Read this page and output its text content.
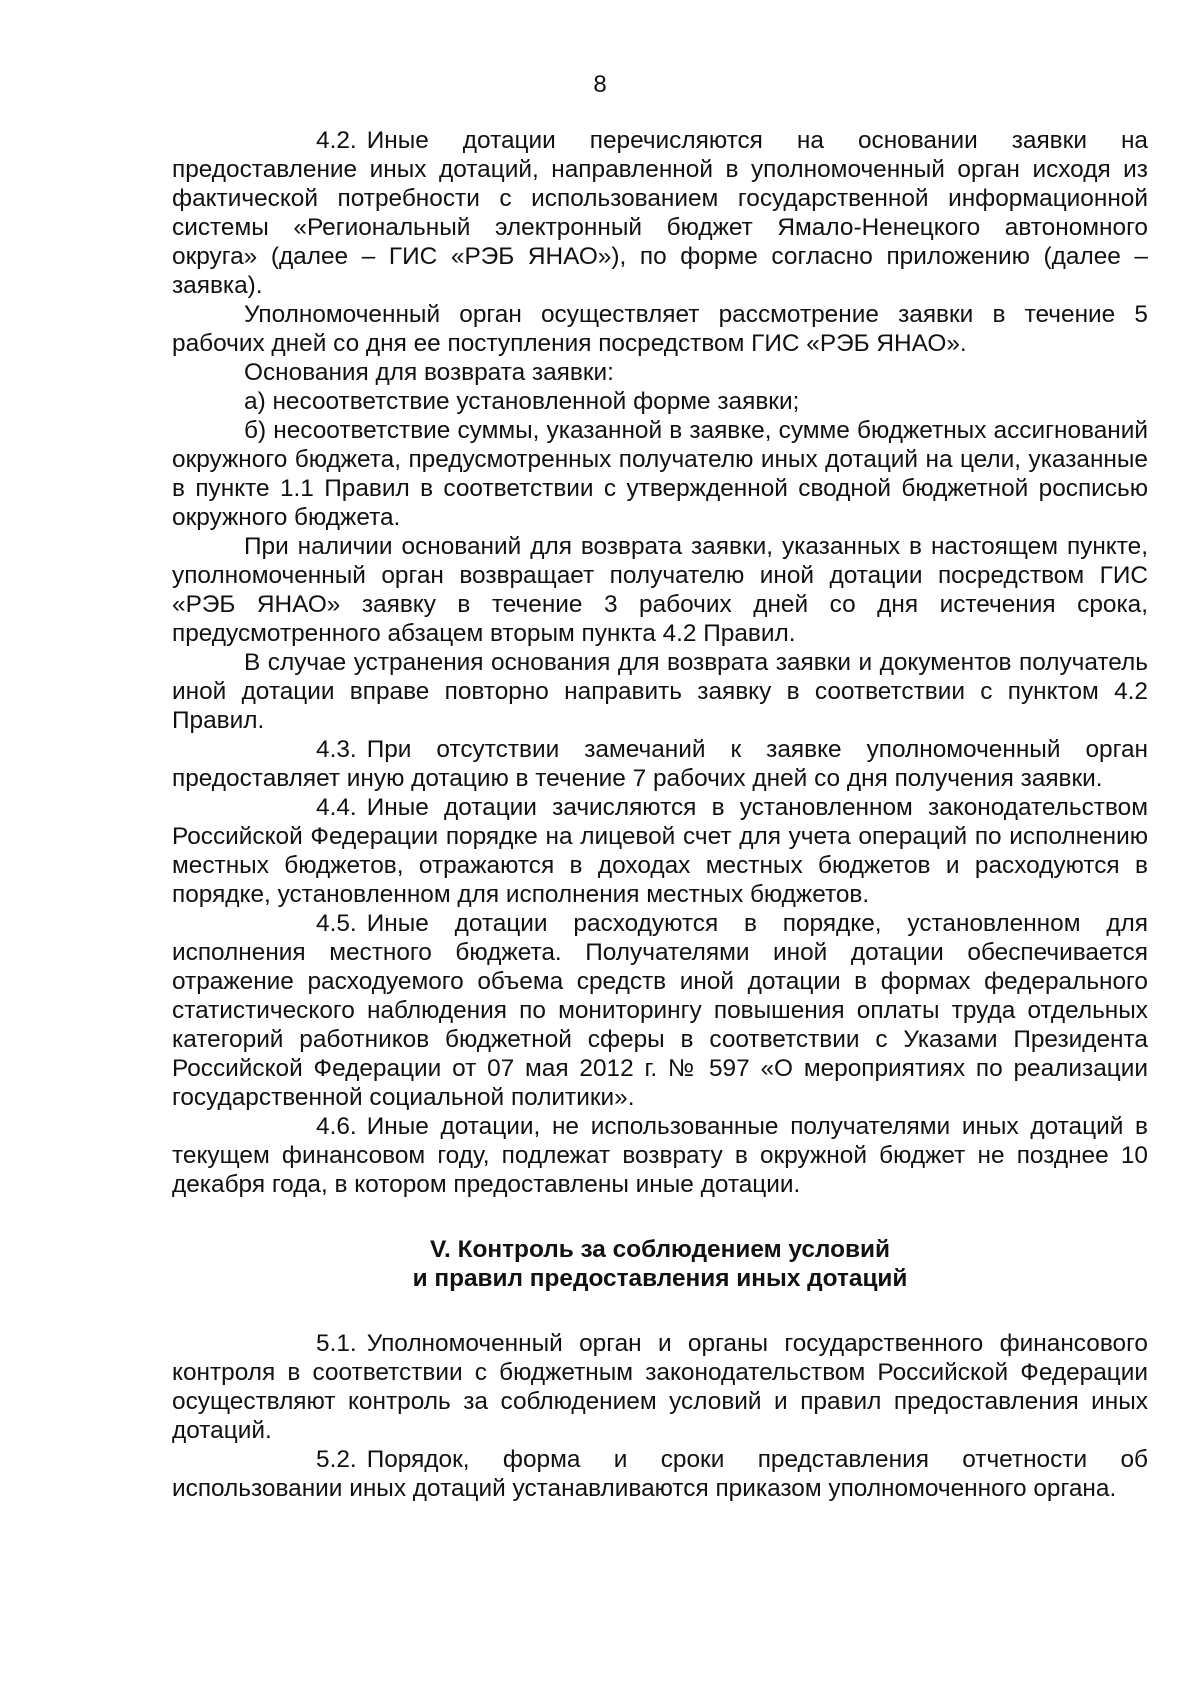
8

4.2. Иные дотации перечисляются на основании заявки на предоставление иных дотаций, направленной в уполномоченный орган исходя из фактической потребности с использованием государственной информационной системы «Региональный электронный бюджет Ямало-Ненецкого автономного округа» (далее – ГИС «РЭБ ЯНАО»), по форме согласно приложению (далее – заявка).

Уполномоченный орган осуществляет рассмотрение заявки в течение 5 рабочих дней со дня ее поступления посредством ГИС «РЭБ ЯНАО».

Основания для возврата заявки:

а) несоответствие установленной форме заявки;

б) несоответствие суммы, указанной в заявке, сумме бюджетных ассигнований окружного бюджета, предусмотренных получателю иных дотаций на цели, указанные в пункте 1.1 Правил в соответствии с утвержденной сводной бюджетной росписью окружного бюджета.

При наличии оснований для возврата заявки, указанных в настоящем пункте, уполномоченный орган возвращает получателю иной дотации посредством ГИС «РЭБ ЯНАО» заявку в течение 3 рабочих дней со дня истечения срока, предусмотренного абзацем вторым пункта 4.2 Правил.

В случае устранения основания для возврата заявки и документов получатель иной дотации вправе повторно направить заявку в соответствии с пунктом 4.2 Правил.

4.3. При отсутствии замечаний к заявке уполномоченный орган предоставляет иную дотацию в течение 7 рабочих дней со дня получения заявки.

4.4. Иные дотации зачисляются в установленном законодательством Российской Федерации порядке на лицевой счет для учета операций по исполнению местных бюджетов, отражаются в доходах местных бюджетов и расходуются в порядке, установленном для исполнения местных бюджетов.

4.5. Иные дотации расходуются в порядке, установленном для исполнения местного бюджета. Получателями иной дотации обеспечивается отражение расходуемого объема средств иной дотации в формах федерального статистического наблюдения по мониторингу повышения оплаты труда отдельных категорий работников бюджетной сферы в соответствии с Указами Президента Российской Федерации от 07 мая 2012 г. № 597 «О мероприятиях по реализации государственной социальной политики».

4.6. Иные дотации, не использованные получателями иных дотаций в текущем финансовом году, подлежат возврату в окружной бюджет не позднее 10 декабря года, в котором предоставлены иные дотации.

V. Контроль за соблюдением условий
и правил предоставления иных дотаций

5.1. Уполномоченный орган и органы государственного финансового контроля в соответствии с бюджетным законодательством Российской Федерации осуществляют контроль за соблюдением условий и правил предоставления иных дотаций.

5.2. Порядок, форма и сроки представления отчетности об использовании иных дотаций устанавливаются приказом уполномоченного органа.
